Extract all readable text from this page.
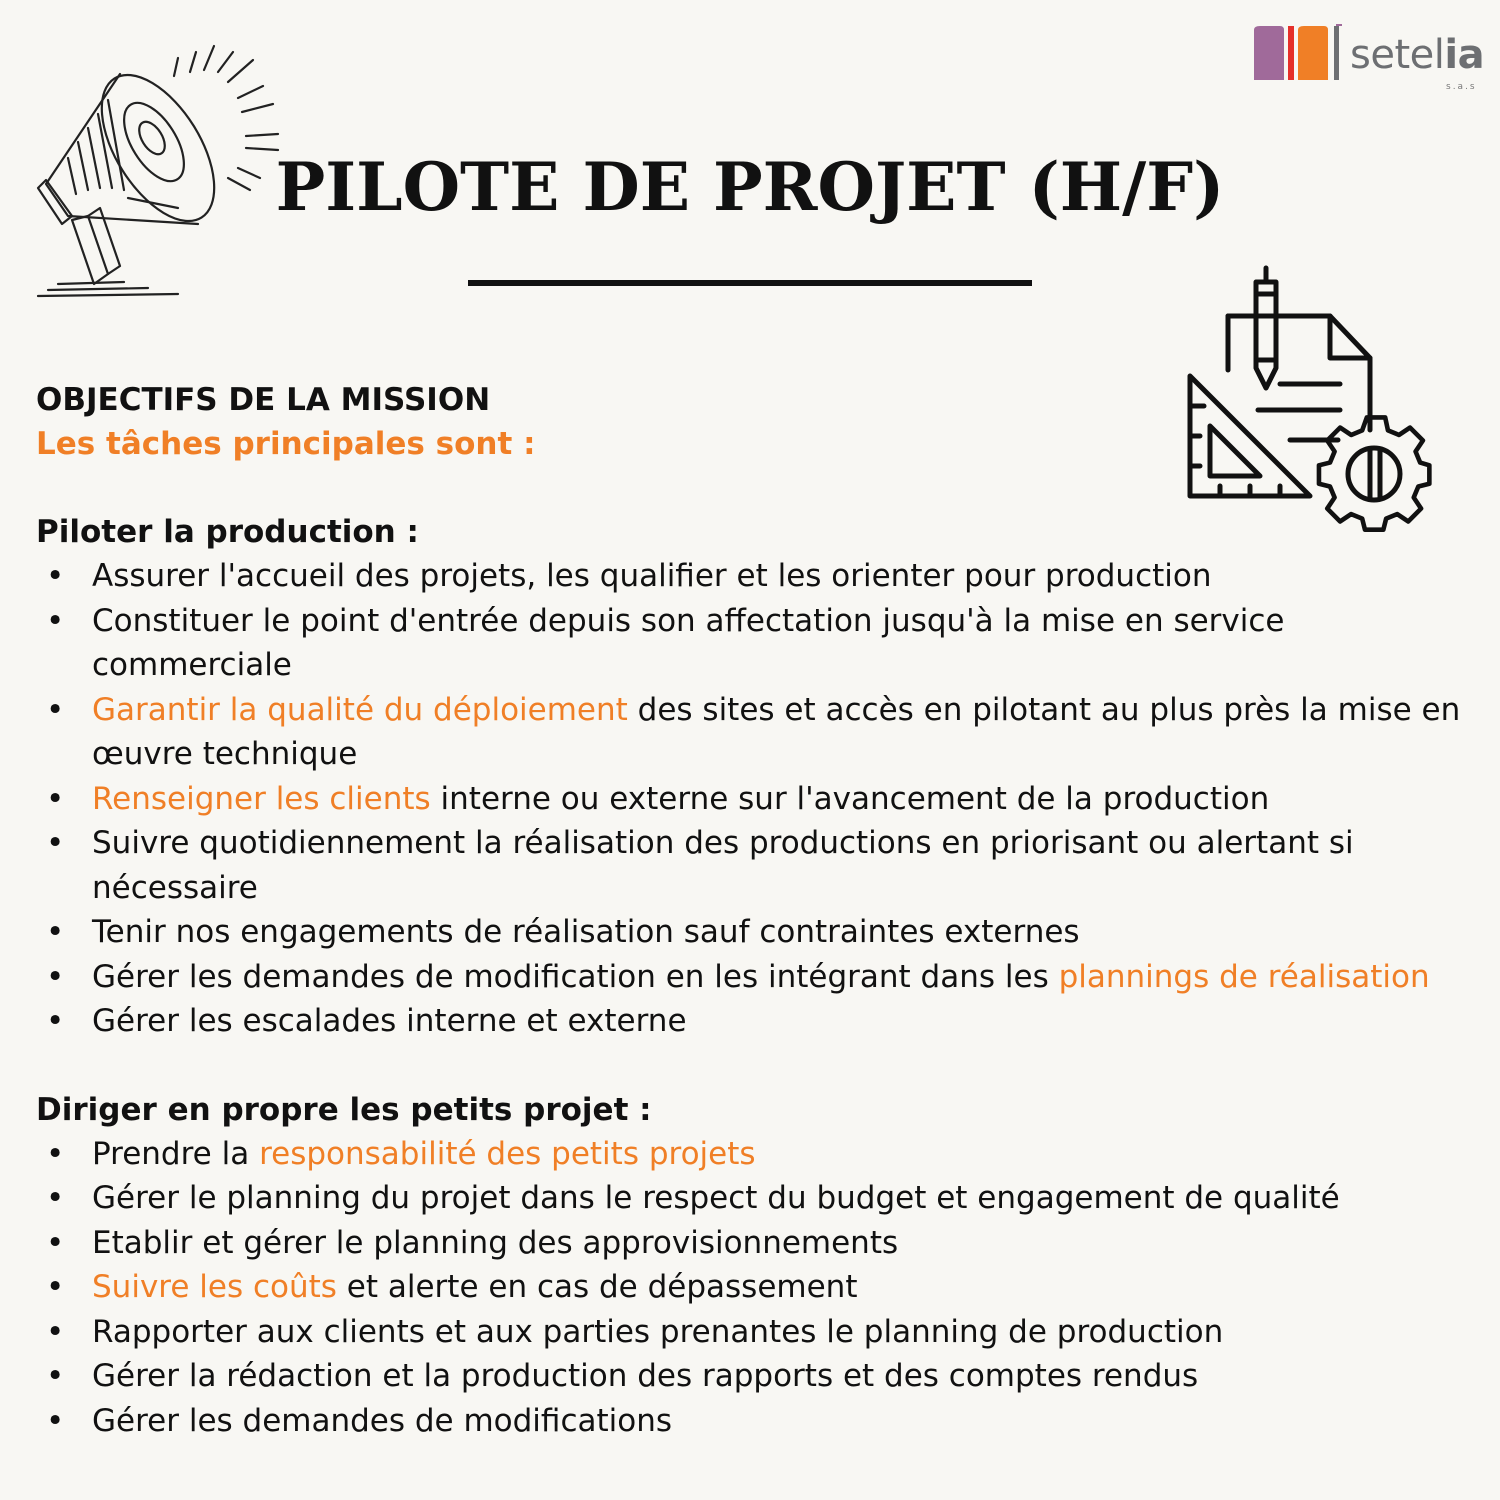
setelia
s.a.s
PILOTE DE PROJET (H/F)
OBJECTIFS DE LA MISSION
Les tâches principales sont :
Piloter la production :
• Assurer l'accueil des projets, les qualifier et les orienter pour production
• Constituer le point d'entrée depuis son affectation jusqu'à la mise en service commerciale
• Garantir la qualité du déploiement des sites et accès en pilotant au plus près la mise en œuvre technique
• Renseigner les clients interne ou externe sur l'avancement de la production
• Suivre quotidiennement la réalisation des productions en priorisant ou alertant si nécessaire
• Tenir nos engagements de réalisation sauf contraintes externes
• Gérer les demandes de modification en les intégrant dans les plannings de réalisation
• Gérer les escalades interne et externe
Diriger en propre les petits projet :
• Prendre la responsabilité des petits projets
• Gérer le planning du projet dans le respect du budget et engagement de qualité
• Etablir et gérer le planning des approvisionnements
• Suivre les coûts et alerte en cas de dépassement
• Rapporter aux clients et aux parties prenantes le planning de production
• Gérer la rédaction et la production des rapports et des comptes rendus
• Gérer les demandes de modifications
